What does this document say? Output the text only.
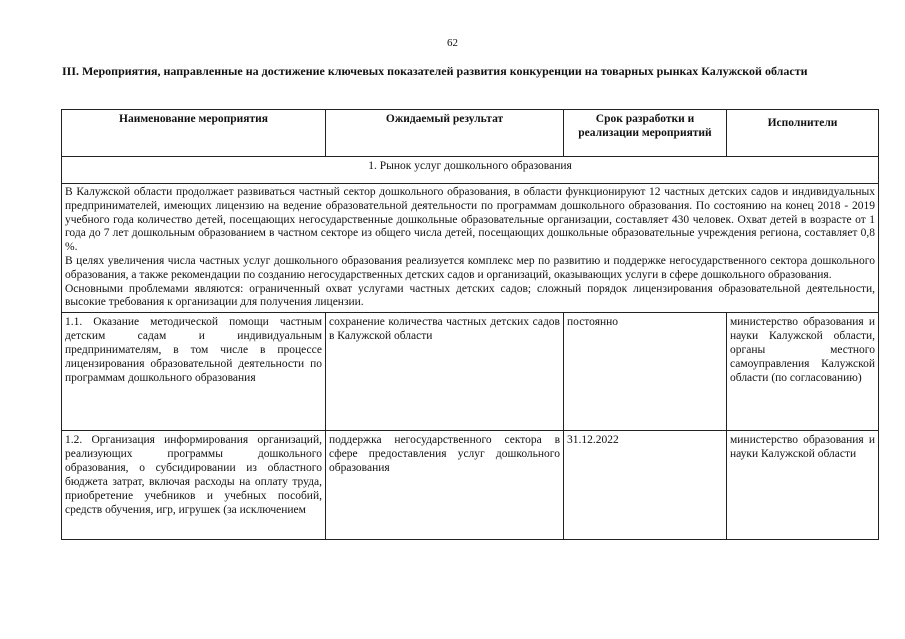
62
III. Мероприятия, направленные на достижение ключевых показателей развития конкуренции на товарных рынках Калужской области
Наименование мероприятия	Ожидаемый результат	Срок разработки и реализации мероприятий	Исполнители
1. Рынок услуг дошкольного образования			

В Калужской области продолжает развиваться частный сектор дошкольного образования, в области функционируют 12 частных детских садов и индивидуальных предпринимателей, имеющих лицензию на ведение образовательной деятельности по программам дошкольного образования. По состоянию на конец 2018 - 2019 учебного года количество детей, посещающих негосударственные дошкольные образовательные организации, составляет 430 человек. Охват детей в возрасте от 1 года до 7 лет дошкольным образованием в частном секторе из общего числа детей, посещающих дошкольные образовательные учреждения региона, составляет 0,8 %.

В целях увеличения числа частных услуг дошкольного образования реализуется комплекс мер по развитию и поддержке негосударственного сектора дошкольного образования, а также рекомендации по созданию негосударственных детских садов и организаций, оказывающих услуги в сфере дошкольного образования.

Основными проблемами являются: ограниченный охват услугами частных детских садов; сложный порядок лицензирования образовательной деятельности, высокие требования к организации для получения лицензии.			

1.1. Оказание методической помощи частным детским садам и индивидуальным предпринимателям, в том числе в процессе лицензирования образовательной деятельности по программам дошкольного образования	сохранение количества частных детских садов в Калужской области	постоянно	министерство образования и науки Калужской области, органы местного самоуправления Калужской области (по согласованию)
1.2. Организация информирования организаций, реализующих программы дошкольного образования, о субсидировании из областного бюджета затрат, включая расходы на оплату труда, приобретение учебников и учебных пособий, средств обучения, игр, игрушек (за исключением	поддержка негосударственного сектора в сфере предоставления услуг дошкольного образования	31.12.2022	министерство образования и науки Калужской области
